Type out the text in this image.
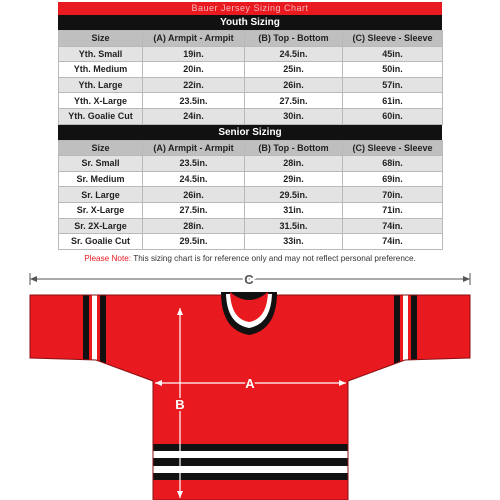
Bauer Jersey Sizing Chart
Youth Sizing
Size	(A) Armpit - Armpit	(B) Top - Bottom	(C) Sleeve - Sleeve
Yth. Small	19in.	24.5in.	45in.
Yth. Medium	20in.	25in.	50in.
Yth. Large	22in.	26in.	57in.
Yth. X-Large	23.5in.	27.5in.	61in.
Yth. Goalie Cut	24in.	30in.	60in.
Senior Sizing
Size	(A) Armpit - Armpit	(B) Top - Bottom	(C) Sleeve - Sleeve
Sr. Small	23.5in.	28in.	68in.
Sr. Medium	24.5in.	29in.	69in.
Sr. Large	26in.	29.5in.	70in.
Sr. X-Large	27.5in.	31in.	71in.
Sr. 2X-Large	28in.	31.5in.	74in.
Sr. Goalie Cut	29.5in.	33in.	74in.
Please Note: This sizing chart is for reference only and may not reflect personal preference.
C
A
B
